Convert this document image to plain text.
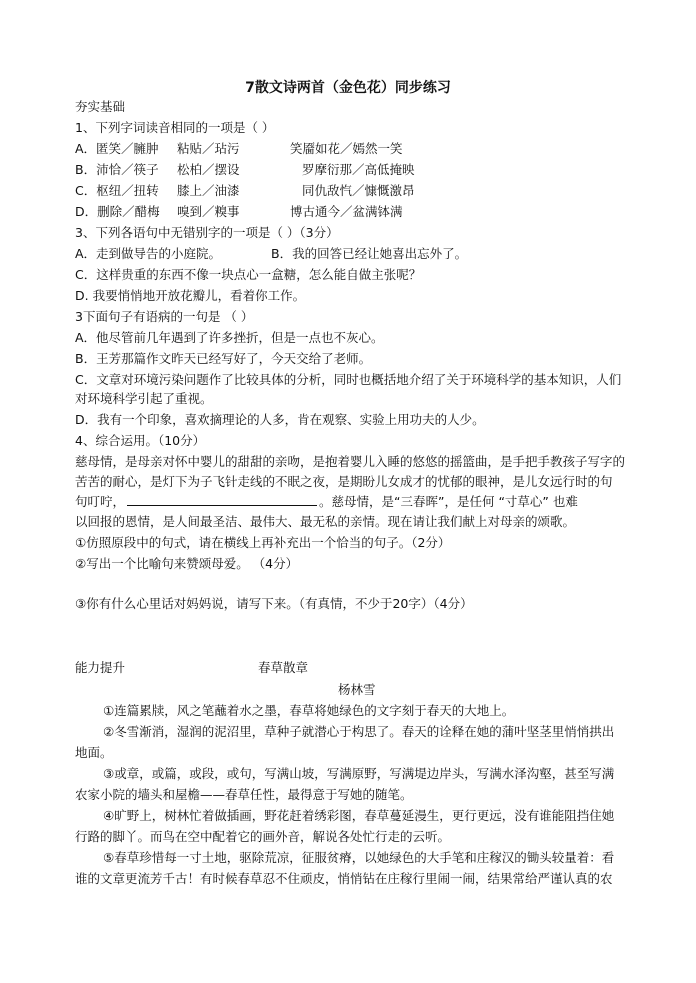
7散文诗两首（金色花）同步练习
夯实基础
1、下列字词读音相同的一项是（ ）
A．匿笑／臃肿 粘贴／玷污	笑靥如花／嫣然一笑
B．沛恰／筷子 松柏／摆设	罗摩衍那／高低掩映
C．枢纽／扭转 膝上／油漆	同仇敌忾／慷慨激昂
D．删除／醋梅 嗅到／糗事	博古通今／盆满钵满
3、下列各语句中无错别字的一项是（ ）（3分）
A．走到做导告的小庭院。	B．我的回答已经让她喜出忘外了。
C．这样贵重的东西不像一块点心一盒糖，怎么能自做主张呢？
D. 我要悄悄地开放花瓣儿，看着你工作。
3下面句子有语病的一句是 （ ）
A．他尽管前几年遇到了许多挫折，但是一点也不灰心。
B．王芳那篇作文昨天已经写好了，今天交给了老师。
C．文章对环境污染问题作了比较具体的分析，同时也概括地介绍了关于环境科学的基本知识，人们
对环境科学引起了重视。
D．我有一个印象，喜欢摘理论的人多，肯在观察、实验上用功夫的人少。
4、综合运用。（10分）
慈母情，是母亲对怀中婴儿的甜甜的亲吻，是抱着婴儿入睡的悠悠的摇篮曲，是手把手教孩子写字的
苦苦的耐心，是灯下为子飞针走线的不眠之夜，是期盼儿女成才的忧郁的眼神，是儿女远行时的句
句叮咛，	。慈母情，是“三春晖”，是任何 “寸草心” 也难
以回报的恩情，是人间最圣洁、最伟大、最无私的亲情。现在请让我们献上对母亲的颂歌。
①仿照原段中的句式，请在横线上再补充出一个恰当的句子。（2分）
②写出一个比喻句来赞颂母爱。 （4分）
③你有什么心里话对妈妈说，请写下来。（有真情，不少于20字）（4分）
能力提升	春草散章
杨林雪
①连篇累牍，风之笔蘸着水之墨，春草将她绿色的文字刻于春天的大地上。
②冬雪渐消，湿润的泥沼里，草种子就潜心于构思了。春天的诠释在她的蒲叶坚茎里悄悄拱出
地面。
③或章，或篇，或段，或句，写满山坡，写满原野，写满堤边岸头，写满水泽沟壑，甚至写满
农家小院的墙头和屋檐——春草任性，最得意于写她的随笔。
④旷野上，树林忙着做插画，野花赶着绣彩图，春草蔓延漫生，更行更远，没有谁能阻挡住她
行路的脚丫。而鸟在空中配着它的画外音，解说各处忙行走的云听。
⑤春草珍惜每一寸土地，驱除荒凉，征服贫瘠，以她绿色的大手笔和庄稼汉的锄头较量着：看
谁的文章更流芳千古！有时候春草忍不住顽皮，悄悄钻在庄稼行里闹一闹，结果常给严谨认真的农
